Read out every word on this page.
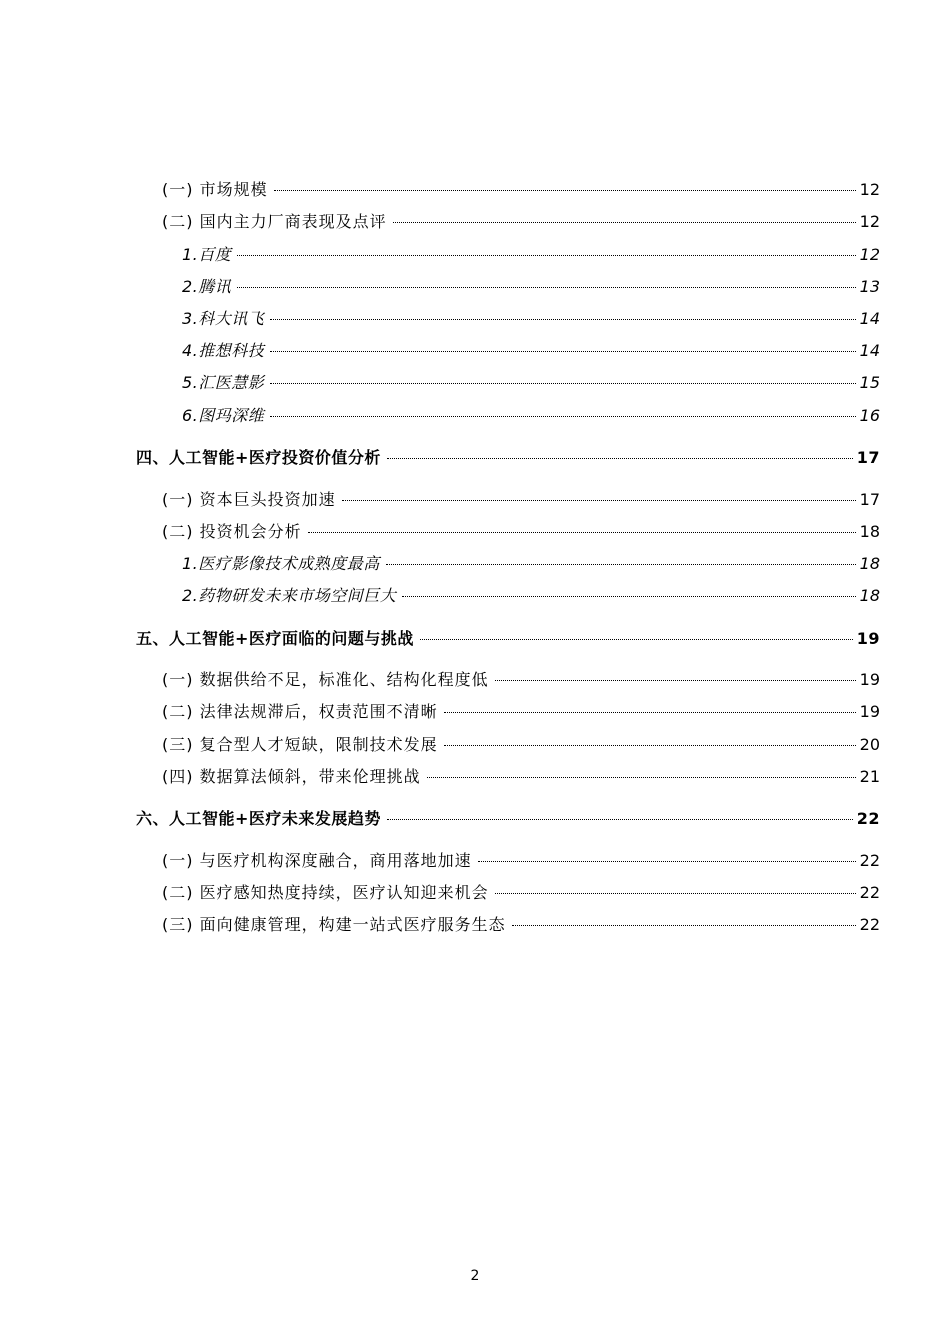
(一) 市场规模	12
(二) 国内主力厂商表现及点评	12
1.百度	12
2.腾讯	13
3.科大讯飞	14
4.推想科技	14
5.汇医慧影	15
6.图玛深维	16
四、人工智能+医疗投资价值分析	17
(一) 资本巨头投资加速	17
(二) 投资机会分析	18
1.医疗影像技术成熟度最高	18
2.药物研发未来市场空间巨大	18
五、人工智能+医疗面临的问题与挑战	19
(一) 数据供给不足，标准化、结构化程度低	19
(二) 法律法规滞后，权责范围不清晰	19
(三) 复合型人才短缺，限制技术发展	20
(四) 数据算法倾斜，带来伦理挑战	21
六、人工智能+医疗未来发展趋势	22
(一) 与医疗机构深度融合，商用落地加速	22
(二) 医疗感知热度持续，医疗认知迎来机会	22
(三) 面向健康管理，构建一站式医疗服务生态	22
2
